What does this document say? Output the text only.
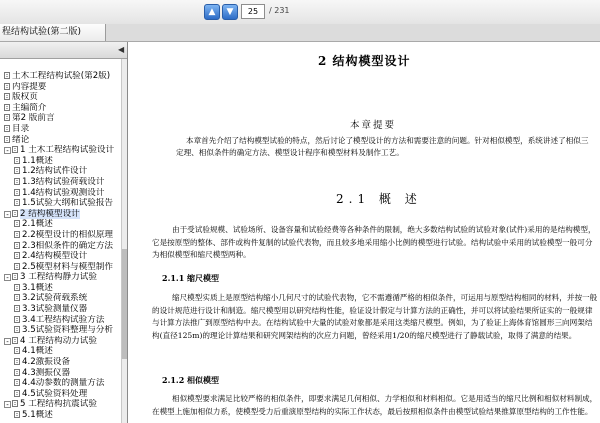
▲	▼
25	/ 231
程结构试验(第二版)
◀
土木工程结构试验(第2版)
内容提要
版权页
主编简介
第2 版前言
目录
绪论
- 1 土木工程结构试验设计
1.1概述
1.2结构试件设计
1.3结构试验荷载设计
1.4结构试验观测设计
1.5试验大纲和试验报告
- 2 结构模型设计
2.1概述
2.2模型设计的相似原理
2.3相似条件的确定方法
2.4结构模型设计
2.5模型材料与模型制作
- 3 工程结构静力试验
3.1概述
3.2试验荷载系统
3.3试验测量仪器
3.4工程结构试验方法
3.5试验资料整理与分析
- 4 工程结构动力试验
4.1概述
4.2激振设备
4.3测振仪器
4.4动参数的测量方法
4.5试验资料处理
- 5 工程结构抗震试验
5.1概述
2 结构模型设计
本章提要
本章首先介绍了结构模型试验的特点，然后讨论了模型设计的方法和需要注意的问题。针对相似模型，系统讲述了相似三定理、相似条件的确定方法、模型设计程序和模型材料及制作工艺。
2.1 概 述
由于受试验规模、试验场所、设备容量和试验经费等各种条件的限制，绝大多数结构试验的试验对象(试件)采用的是结构模型，它是按原型的整体、部件或构件复制的试验代表物，而且较多地采用缩小比例的模型进行试验。结构试验中采用的试验模型一般可分为相似模型和缩尺模型两种。
2.1.1 缩尺模型
缩尺模型实质上是原型结构缩小几何尺寸的试验代表物，它不需遵循严格的相似条件，可运用与原型结构相同的材料，并按一般的设计规范进行设计和制造。缩尺模型用以研究结构性能，验证设计假定与计算方法的正确性，并可以将试验结果所证实的一般规律与计算方法推广到原型结构中去。在结构试验中大量的试验对象都是采用这类缩尺模型。例如，为了验证上海体育馆圆形三向网架结构(直径125m)的理论计算结果和研究网架结构的次应力问题，曾经采用1/20的缩尺模型进行了静载试验，取得了满意的结果。
2.1.2 相似模型
相似模型要求满足比较严格的相似条件，即要求满足几何相似、力学相似和材料相似。它是用适当的缩尺比例和相似材料制成，在模型上施加相似力系，使模型受力后重演原型结构的实际工作状态，最后按照相似条件由模型试验结果推算原型结构的工作性能。
